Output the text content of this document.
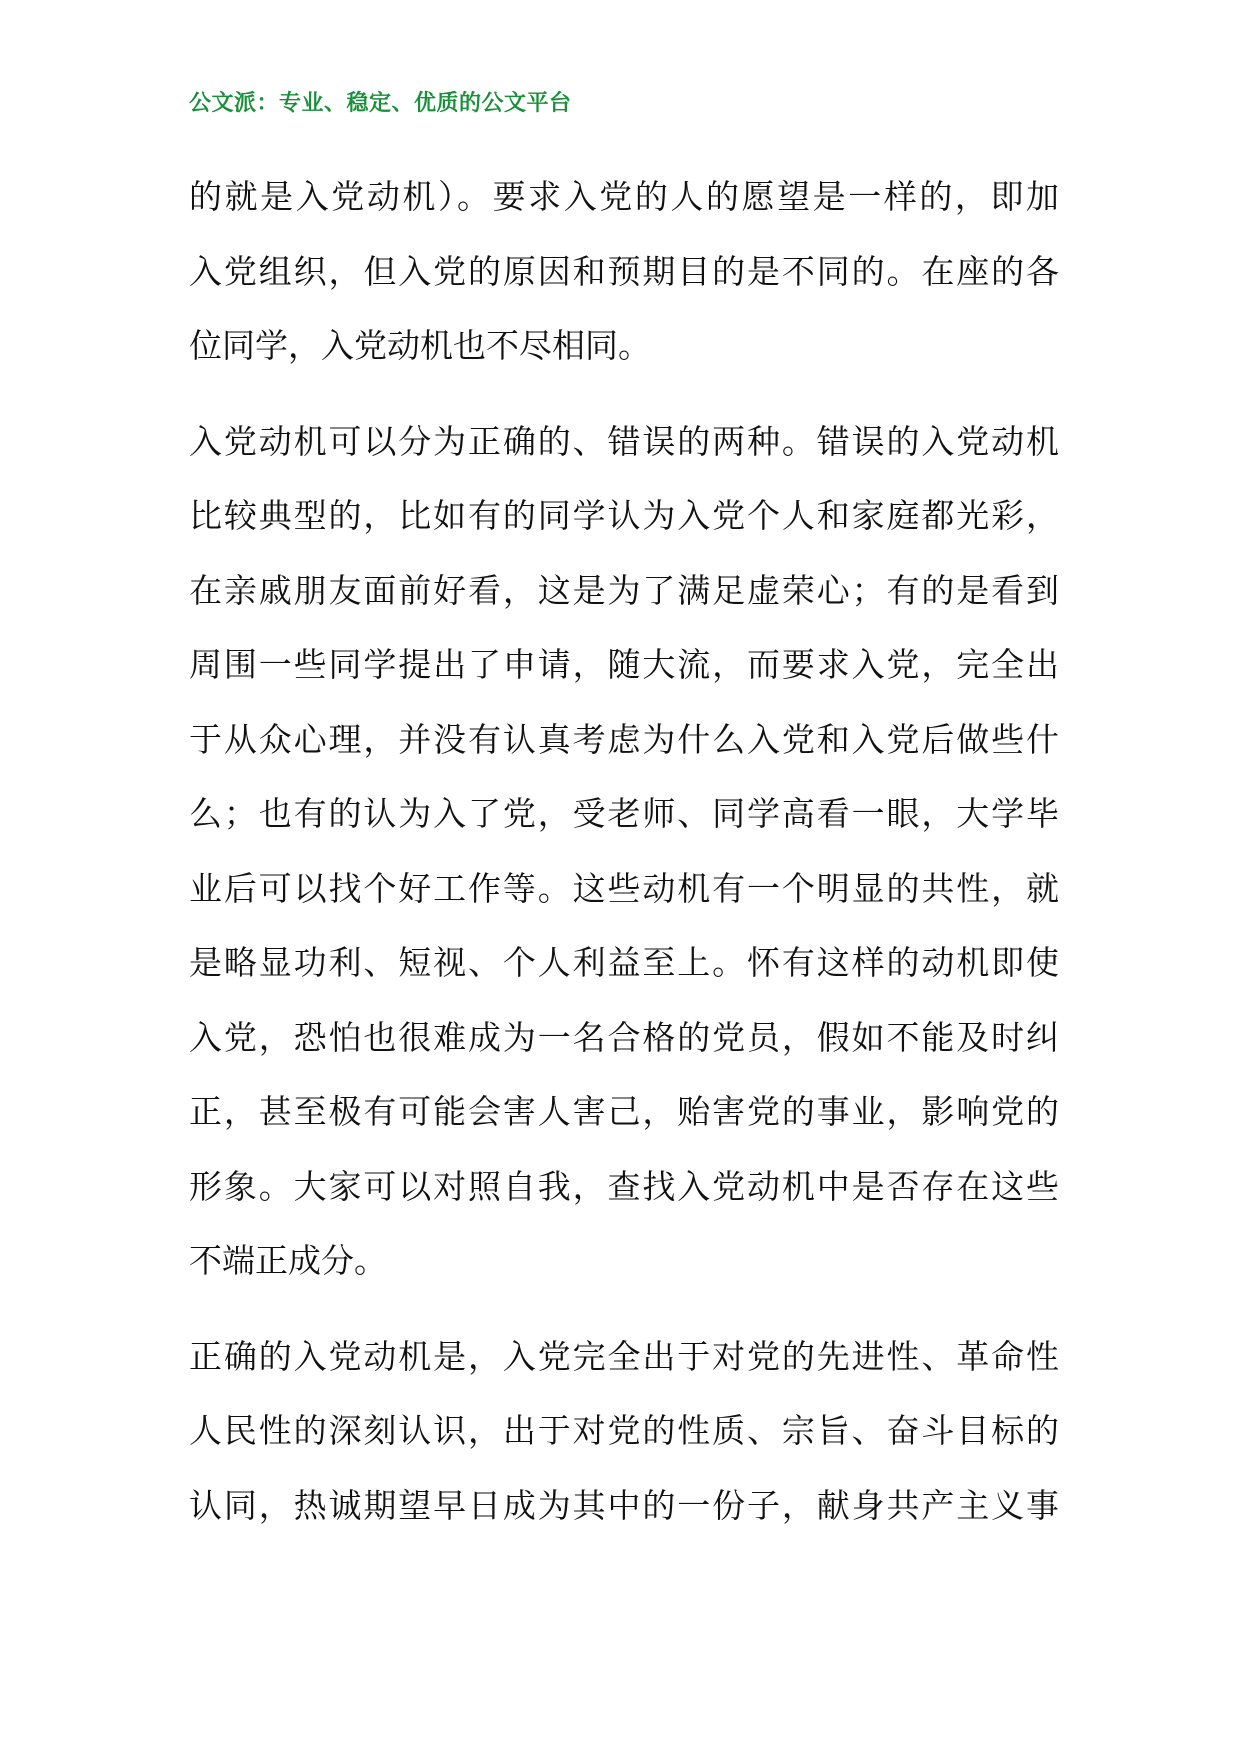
公文派：专业、稳定、优质的公文平台
的就是入党动机）。要求入党的人的愿望是一样的，即加
入党组织，但入党的原因和预期目的是不同的。在座的各
位同学，入党动机也不尽相同。
入党动机可以分为正确的、错误的两种。错误的入党动机
比较典型的，比如有的同学认为入党个人和家庭都光彩，
在亲戚朋友面前好看，这是为了满足虚荣心；有的是看到
周围一些同学提出了申请，随大流，而要求入党，完全出
于从众心理，并没有认真考虑为什么入党和入党后做些什
么；也有的认为入了党，受老师、同学高看一眼，大学毕
业后可以找个好工作等。这些动机有一个明显的共性，就
是略显功利、短视、个人利益至上。怀有这样的动机即使
入党，恐怕也很难成为一名合格的党员，假如不能及时纠
正，甚至极有可能会害人害己，贻害党的事业，影响党的
形象。大家可以对照自我，查找入党动机中是否存在这些
不端正成分。
正确的入党动机是，入党完全出于对党的先进性、革命性
人民性的深刻认识，出于对党的性质、宗旨、奋斗目标的
认同，热诚期望早日成为其中的一份子，献身共产主义事
